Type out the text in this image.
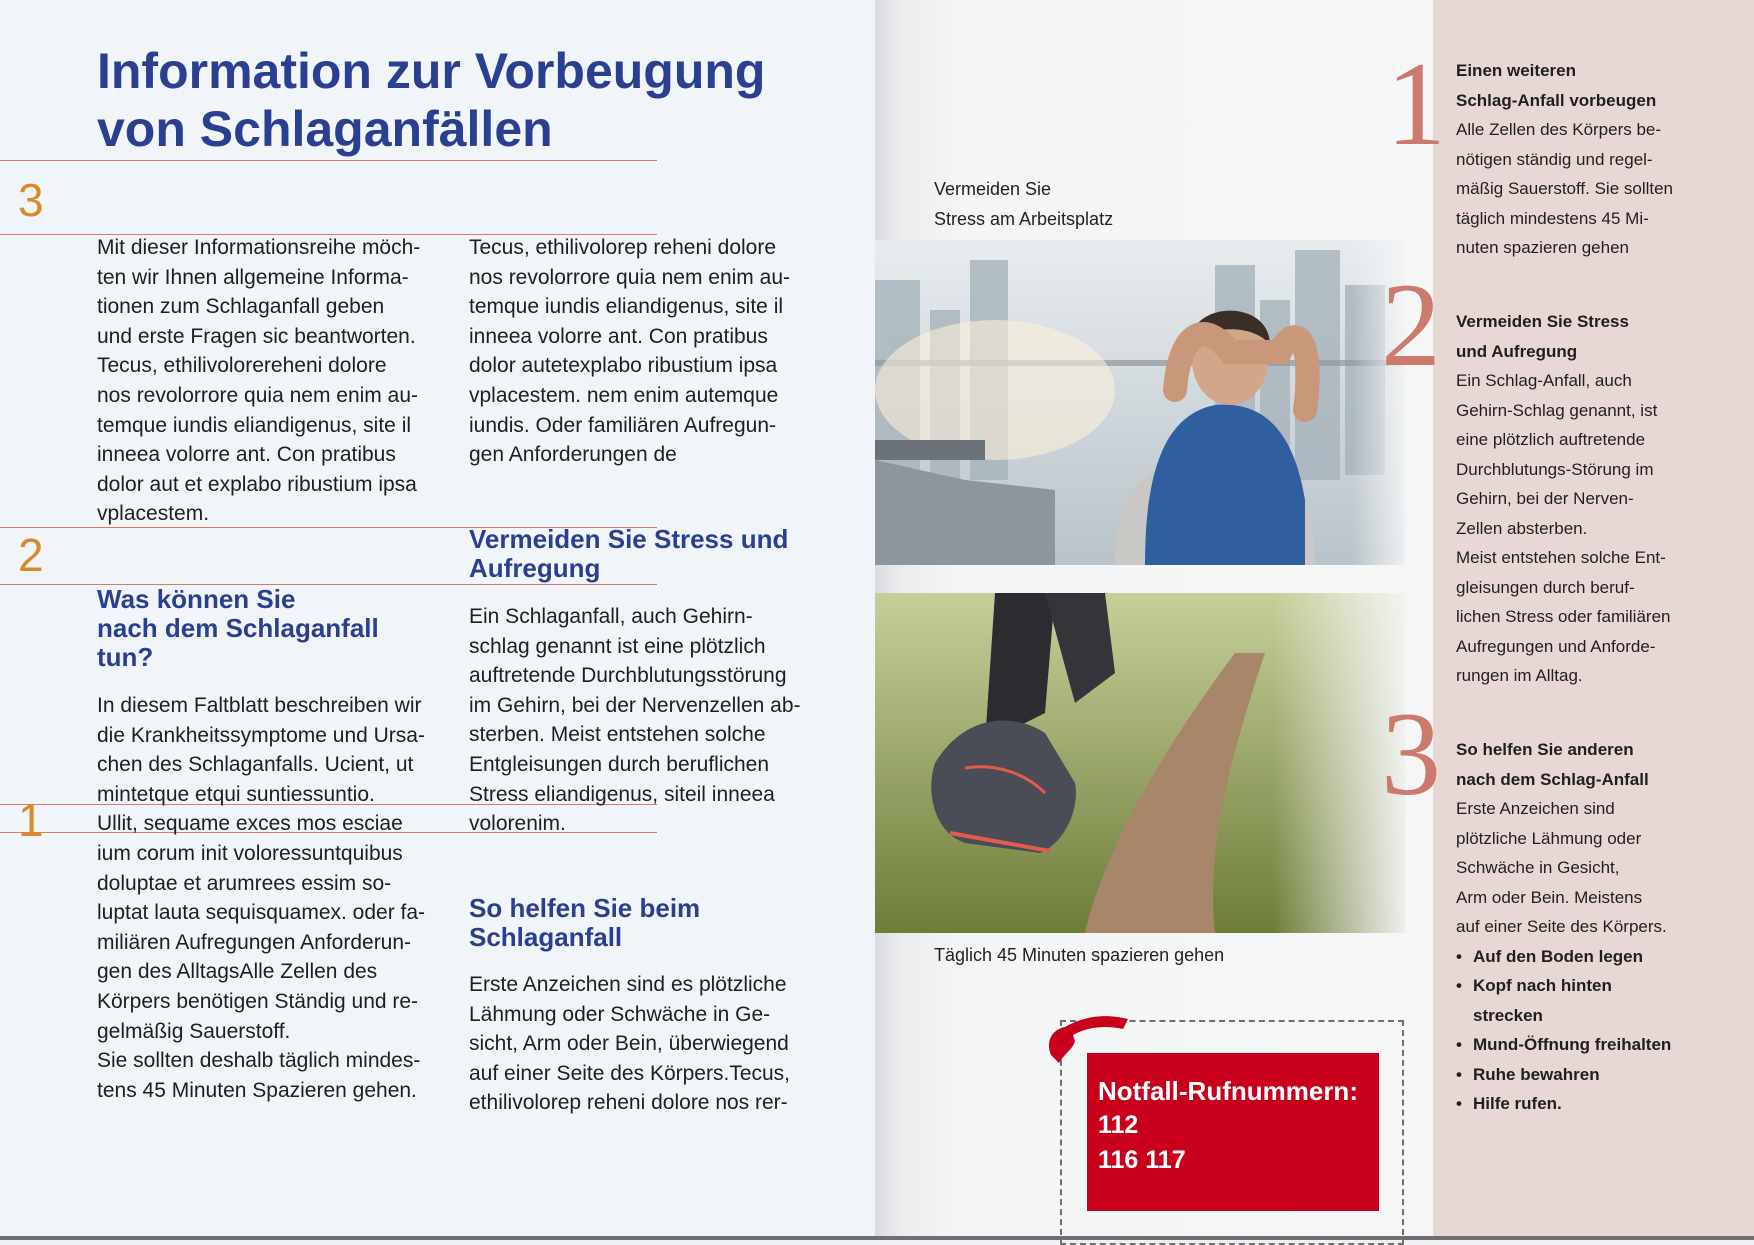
Information zur Vorbeugung
von Schlaganfällen
3
2
1

Mit dieser Informationsreihe möch-
ten wir Ihnen allgemeine Informa-
tionen zum Schlaganfall geben
und erste Fragen sic beantworten.
Tecus, ethilivolorereheni dolore
nos revolorrore quia nem enim au-
temque iundis eliandigenus, site il
inneea volorre ant. Con pratibus
dolor aut et explabo ribustium ipsa
vplacestem.

Was können Sie
nach dem Schlaganfall
tun?

In diesem Faltblatt beschreiben wir
die Krankheitssymptome und Ursa-
chen des Schlaganfalls. Ucient, ut
mintetque etqui suntiessuntio.
Ullit, sequame exces mos esciae
ium corum init voloressuntquibus
doluptae et arumrees essim so-
luptat lauta sequisquamex. oder fa-
miliären Aufregungen Anforderun-
gen des AlltagsAlle Zellen des
Körpers benötigen Ständig und re-
gelmäßig Sauerstoff.
Sie sollten deshalb täglich mindes-
tens 45 Minuten Spazieren gehen.

Tecus, ethilivolorep reheni dolore
nos revolorrore quia nem enim au-
temque iundis eliandigenus, site il
inneea volorre ant. Con pratibus
dolor autetexplabo ribustium ipsa
vplacestem. nem enim autemque
iundis. Oder familiären Aufregun-
gen Anforderungen de

Vermeiden Sie Stress und
Aufregung

Ein Schlaganfall, auch Gehirn-
schlag genannt ist eine plötzlich
auftretende Durchblutungsstörung
im Gehirn, bei der Nervenzellen ab-
sterben. Meist entstehen solche
Entgleisungen durch beruflichen
Stress eliandigenus, siteil inneea
volorenim.

So helfen Sie beim
Schlaganfall

Erste Anzeichen sind es plötzliche
Lähmung oder Schwäche in Ge-
sicht, Arm oder Bein, überwiegend
auf einer Seite des Körpers.Tecus,
ethilivolorep reheni dolore nos rer-

Vermeiden Sie
Stress am Arbeitsplatz
Täglich 45 Minuten spazieren gehen
Notfall-Rufnummern:
112
116 117
1 Einen weiteren
Schlag-Anfall vorbeugen
Alle Zellen des Körpers be-
nötigen ständig und regel-
mäßig Sauerstoff. Sie sollten
täglich mindestens 45 Mi-
nuten spazieren gehen
2 Vermeiden Sie Stress
und Aufregung
Ein Schlag-Anfall, auch
Gehirn-Schlag genannt, ist
eine plötzlich auftretende
Durchblutungs-Störung im
Gehirn, bei der Nerven-
Zellen absterben.
Meist entstehen solche Ent-
gleisungen durch beruf-
lichen Stress oder familiären
Aufregungen und Anforde-
rungen im Alltag.
3 So helfen Sie anderen
nach dem Schlag-Anfall
Erste Anzeichen sind
plötzliche Lähmung oder
Schwäche in Gesicht,
Arm oder Bein. Meistens
auf einer Seite des Körpers.
• Auf den Boden legen
• Kopf nach hinten
strecken
• Mund-Öffnung freihalten
• Ruhe bewahren
• Hilfe rufen.
